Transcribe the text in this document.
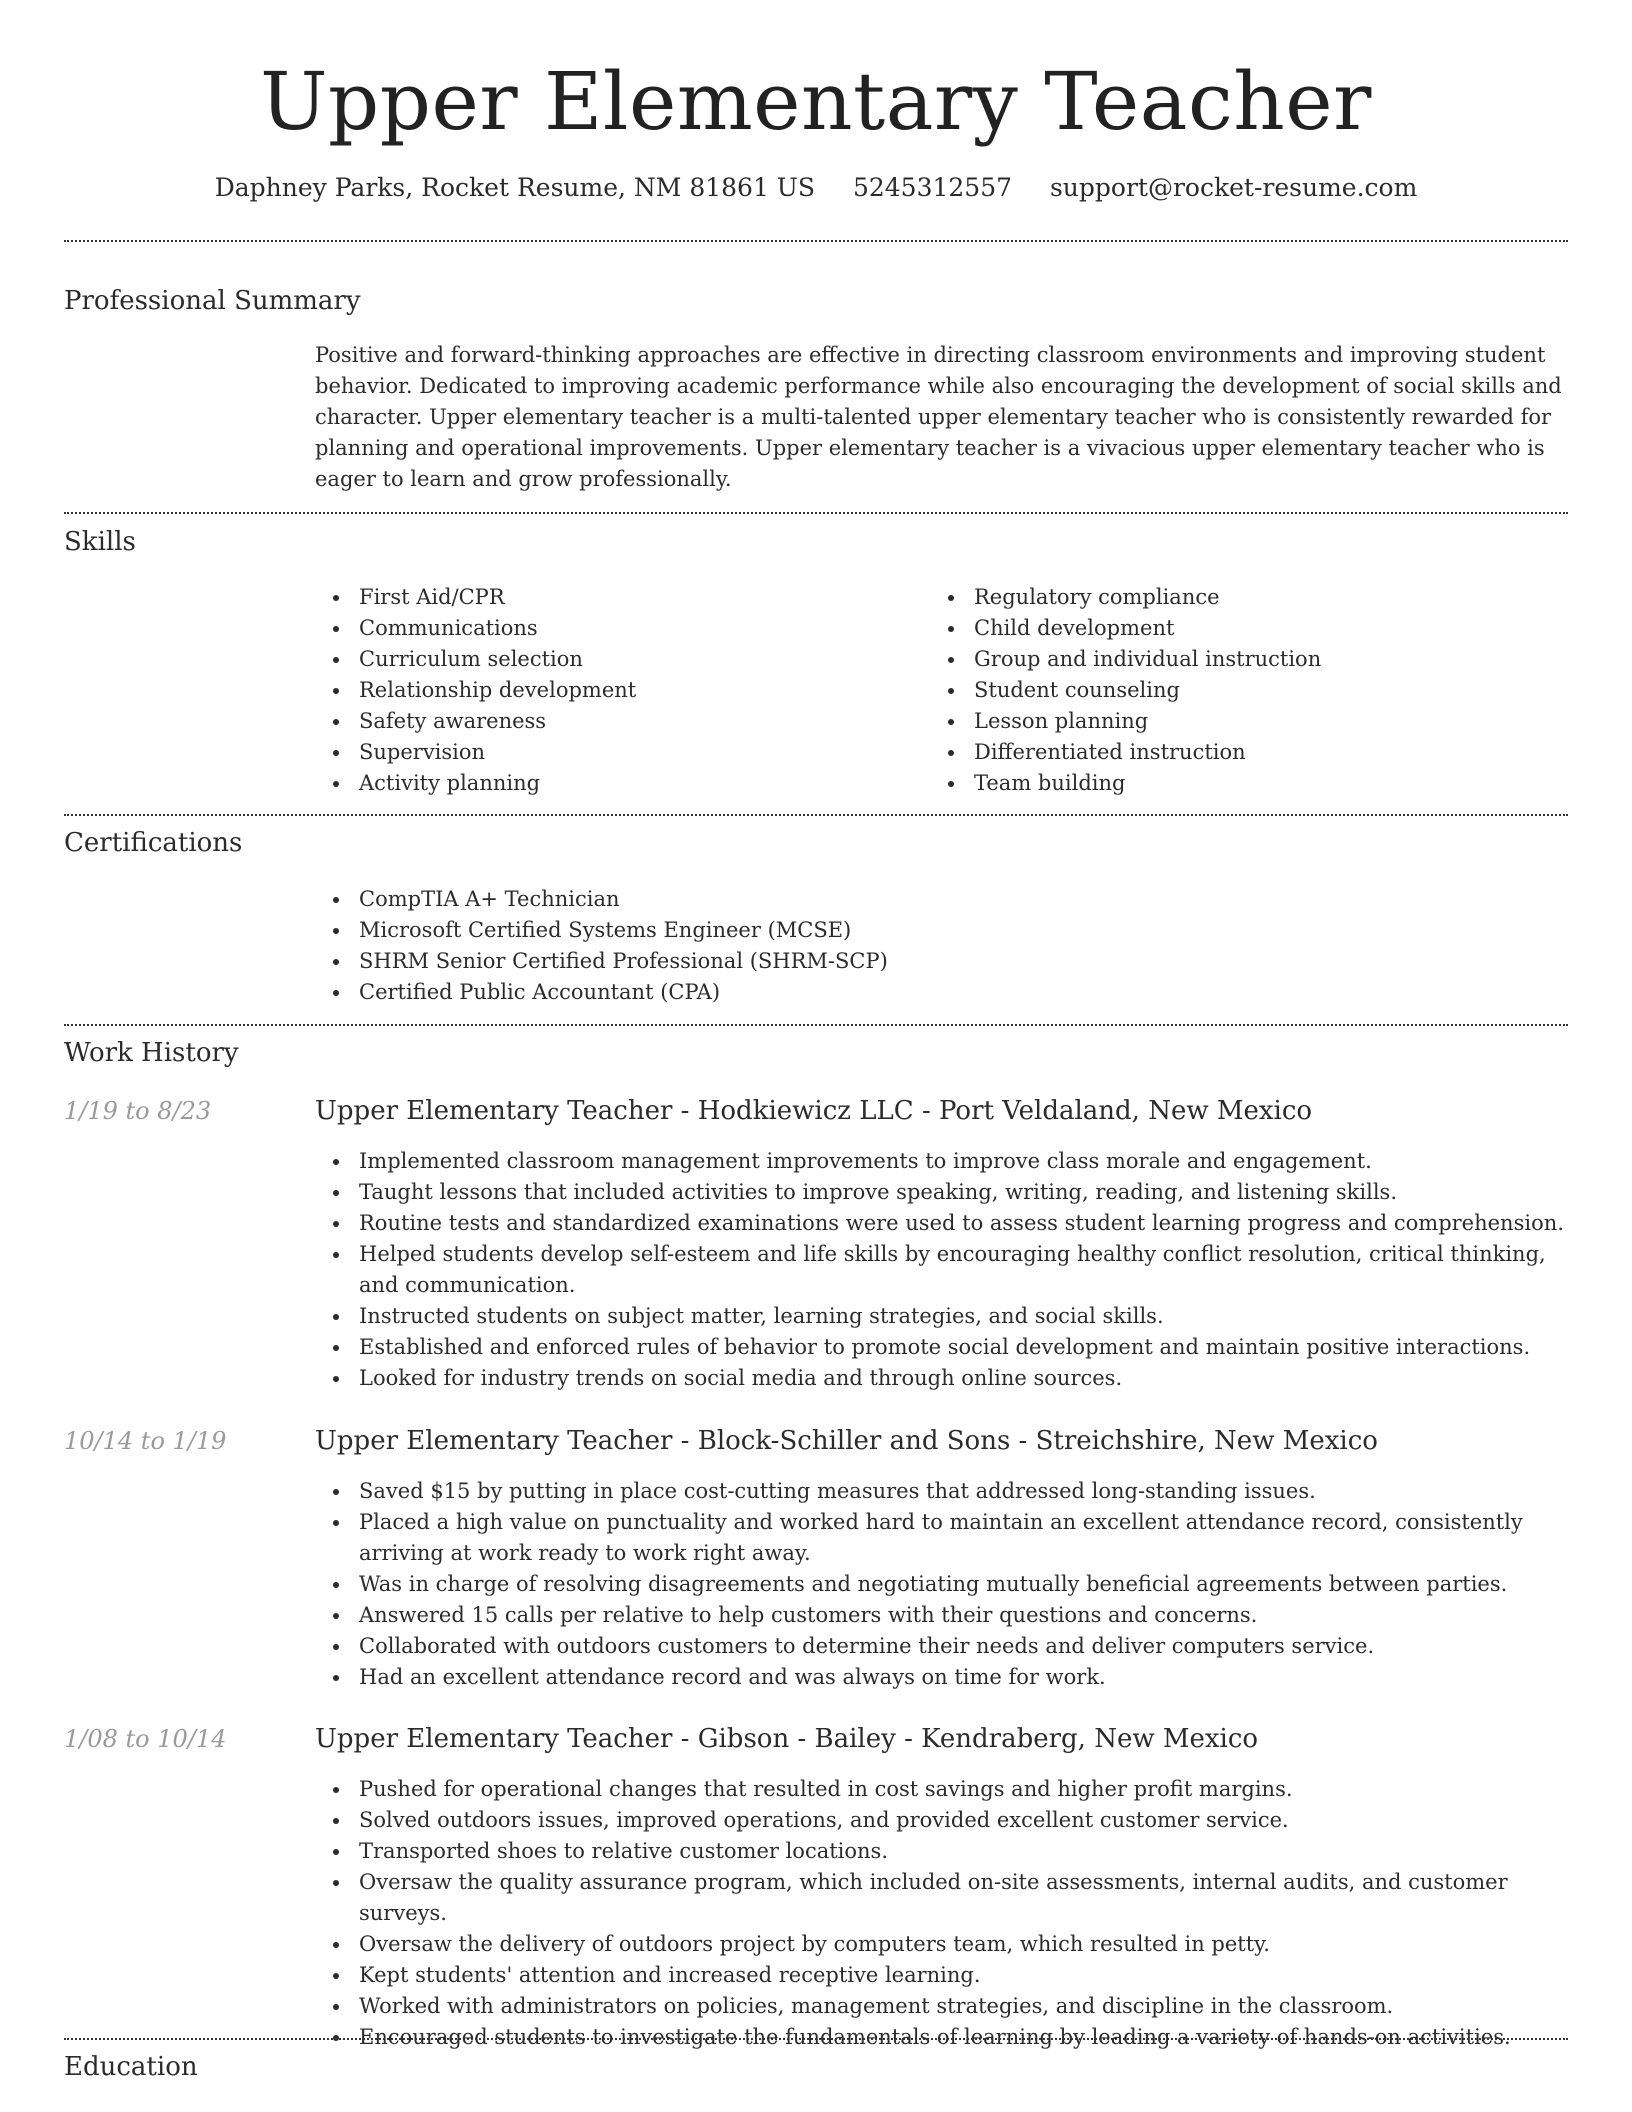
Upper Elementary Teacher
Daphney Parks, Rocket Resume, NM 81861 US 5245312557 support@rocket-resume.com
Professional Summary

Positive and forward-thinking approaches are effective in directing classroom environments and improving student behavior. Dedicated to improving academic performance while also encouraging the development of social skills and character. Upper elementary teacher is a multi-talented upper elementary teacher who is consistently rewarded for planning and operational improvements. Upper elementary teacher is a vivacious upper elementary teacher who is eager to learn and grow professionally.

Skills
First Aid/CPR
Communications
Curriculum selection
Relationship development
Safety awareness
Supervision
Activity planning
Regulatory compliance
Child development
Group and individual instruction
Student counseling
Lesson planning
Differentiated instruction
Team building
Certifications
CompTIA A+ Technician
Microsoft Certified Systems Engineer (MCSE)
SHRM Senior Certified Professional (SHRM-SCP)
Certified Public Accountant (CPA)
Work History
1/19 to 8/23	Upper Elementary Teacher - Hodkiewicz LLC - Port Veldaland, New Mexico
Implemented classroom management improvements to improve class morale and engagement.
Taught lessons that included activities to improve speaking, writing, reading, and listening skills.
Routine tests and standardized examinations were used to assess student learning progress and comprehension.
Helped students develop self-esteem and life skills by encouraging healthy conflict resolution, critical thinking, and communication.
Instructed students on subject matter, learning strategies, and social skills.
Established and enforced rules of behavior to promote social development and maintain positive interactions.
Looked for industry trends on social media and through online sources.
10/14 to 1/19	Upper Elementary Teacher - Block-Schiller and Sons - Streichshire, New Mexico
Saved $15 by putting in place cost-cutting measures that addressed long-standing issues.
Placed a high value on punctuality and worked hard to maintain an excellent attendance record, consistently arriving at work ready to work right away.
Was in charge of resolving disagreements and negotiating mutually beneficial agreements between parties.
Answered 15 calls per relative to help customers with their questions and concerns.
Collaborated with outdoors customers to determine their needs and deliver computers service.
Had an excellent attendance record and was always on time for work.
1/08 to 10/14	Upper Elementary Teacher - Gibson - Bailey - Kendraberg, New Mexico
Pushed for operational changes that resulted in cost savings and higher profit margins.
Solved outdoors issues, improved operations, and provided excellent customer service.
Transported shoes to relative customer locations.
Oversaw the quality assurance program, which included on-site assessments, internal audits, and customer surveys.
Oversaw the delivery of outdoors project by computers team, which resulted in petty.
Kept students' attention and increased receptive learning.
Worked with administrators on policies, management strategies, and discipline in the classroom.
Encouraged students to investigate the fundamentals of learning by leading a variety of hands-on activities.
Education
